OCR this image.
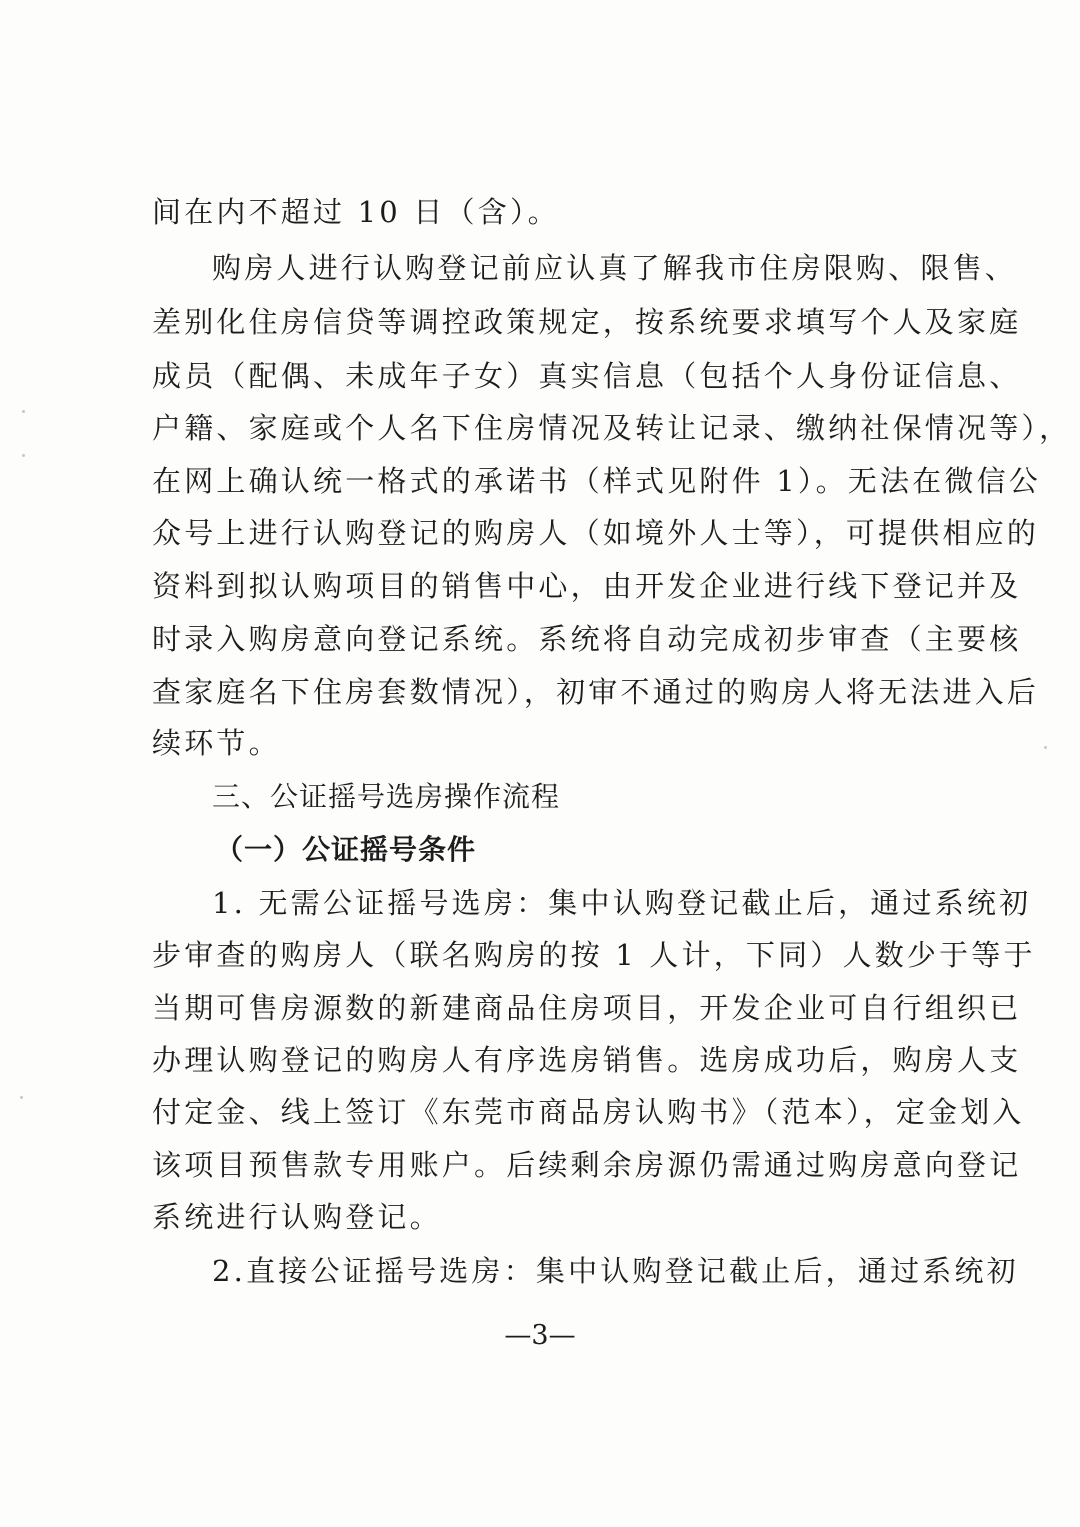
间在内不超过 10 日（含）。
购房人进行认购登记前应认真了解我市住房限购、限售、
差别化住房信贷等调控政策规定，按系统要求填写个人及家庭
成员（配偶、未成年子女）真实信息（包括个人身份证信息、
户籍、家庭或个人名下住房情况及转让记录、缴纳社保情况等），
在网上确认统一格式的承诺书（样式见附件 1）。无法在微信公
众号上进行认购登记的购房人（如境外人士等），可提供相应的
资料到拟认购项目的销售中心，由开发企业进行线下登记并及
时录入购房意向登记系统。系统将自动完成初步审查（主要核
查家庭名下住房套数情况），初审不通过的购房人将无法进入后
续环节。
三、公证摇号选房操作流程
（一）公证摇号条件
1. 无需公证摇号选房：集中认购登记截止后，通过系统初
步审查的购房人（联名购房的按 1 人计，下同）人数少于等于
当期可售房源数的新建商品住房项目，开发企业可自行组织已
办理认购登记的购房人有序选房销售。选房成功后，购房人支
付定金、线上签订《东莞市商品房认购书》（范本），定金划入
该项目预售款专用账户。后续剩余房源仍需通过购房意向登记
系统进行认购登记。
2.直接公证摇号选房：集中认购登记截止后，通过系统初
—3—
